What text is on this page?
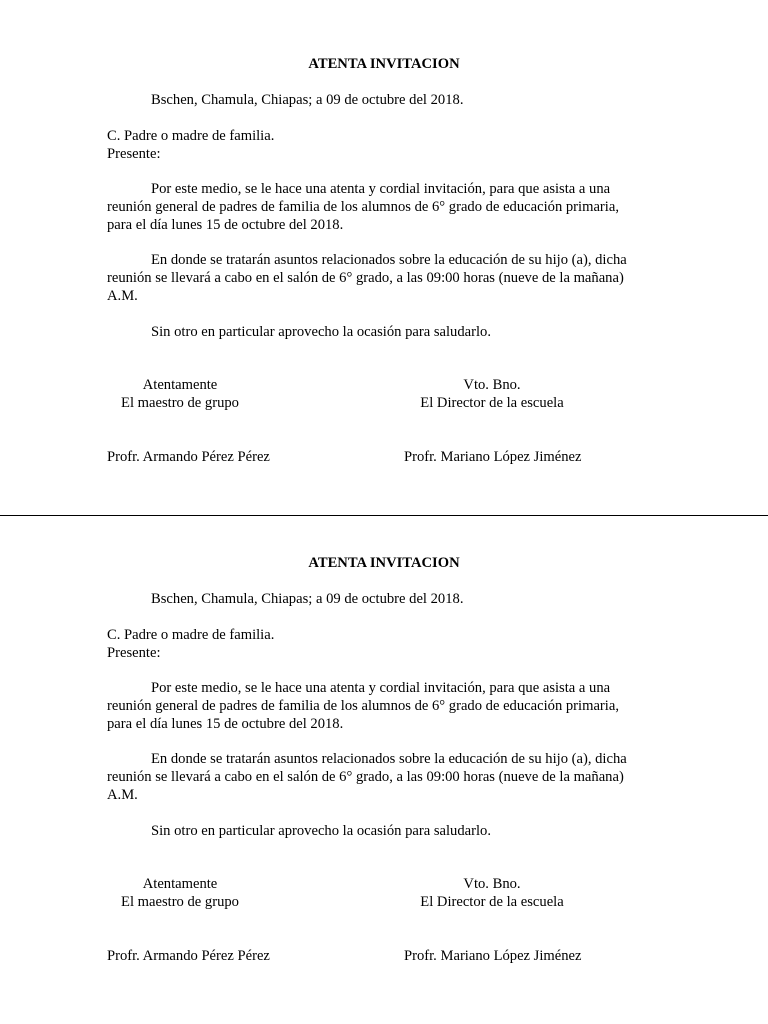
ATENTA INVITACION
Bschen, Chamula, Chiapas; a 09 de octubre del 2018.
C. Padre o madre de familia.
Presente:
Por este medio, se le hace una atenta y cordial invitación, para que asista a una reunión general de padres de familia de los alumnos de 6° grado de educación primaria, para el día lunes 15 de octubre del 2018.
En donde se tratarán asuntos relacionados sobre la educación de su hijo (a), dicha reunión se llevará a cabo en el salón de 6° grado, a las 09:00 horas (nueve de la mañana) A.M.
Sin otro en particular aprovecho la ocasión para saludarlo.
Atentamente
El maestro de grupo
Profr. Armando Pérez Pérez
Vto. Bno.
El Director de la escuela
Profr. Mariano López Jiménez
ATENTA INVITACION
Bschen, Chamula, Chiapas; a 09 de octubre del 2018.
C. Padre o madre de familia.
Presente:
Por este medio, se le hace una atenta y cordial invitación, para que asista a una reunión general de padres de familia de los alumnos de 6° grado de educación primaria, para el día lunes 15 de octubre del 2018.
En donde se tratarán asuntos relacionados sobre la educación de su hijo (a), dicha reunión se llevará a cabo en el salón de 6° grado, a las 09:00 horas (nueve de la mañana) A.M.
Sin otro en particular aprovecho la ocasión para saludarlo.
Atentamente
El maestro de grupo
Profr. Armando Pérez Pérez
Vto. Bno.
El Director de la escuela
Profr. Mariano López Jiménez
